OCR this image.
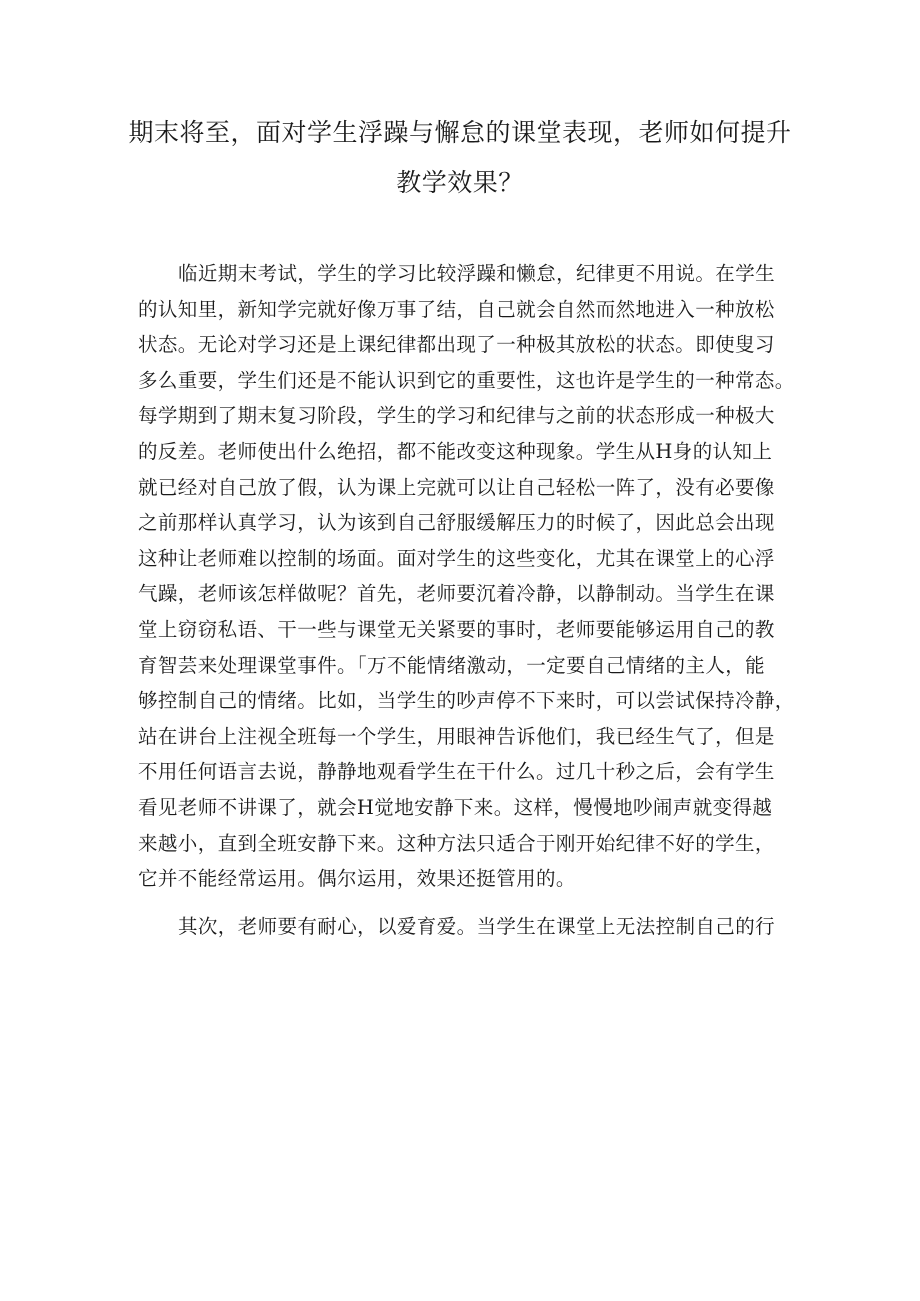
期末将至，面对学生浮躁与懈怠的课堂表现，老师如何提升
教学效果？
临近期末考试，学生的学习比较浮躁和懒怠，纪律更不用说。在学生
的认知里，新知学完就好像万事了结，自己就会自然而然地进入一种放松
状态。无论对学习还是上课纪律都出现了一种极其放松的状态。即使叟习
多么重要，学生们还是不能认识到它的重要性，这也许是学生的一种常态。
每学期到了期末复习阶段，学生的学习和纪律与之前的状态形成一种极大
的反差。老师使出什么绝招，都不能改变这种现象。学生从H身的认知上
就已经对自己放了假，认为课上完就可以让自己轻松一阵了，没有必要像
之前那样认真学习，认为该到自己舒服缓解压力的时候了，因此总会出现
这种让老师难以控制的场面。面对学生的这些变化，尤其在课堂上的心浮
气躁，老师该怎样做呢？首先，老师要沉着冷静，以静制动。当学生在课
堂上窃窃私语、干一些与课堂无关紧要的事时，老师要能够运用自己的教
育智芸来处理课堂事件。「万不能情绪激动，一定要自己情绪的主人，能
够控制自己的情绪。比如，当学生的吵声停不下来时，可以尝试保持冷静，
站在讲台上注视全班每一个学生，用眼神告诉他们，我已经生气了，但是
不用任何语言去说，静静地观看学生在干什么。过几十秒之后，会有学生
看见老师不讲课了，就会H觉地安静下来。这样，慢慢地吵闹声就变得越
来越小，直到全班安静下来。这种方法只适合于刚开始纪律不好的学生，
它并不能经常运用。偶尔运用，效果还挺管用的。
其次，老师要有耐心，以爱育爱。当学生在课堂上无法控制自己的行
